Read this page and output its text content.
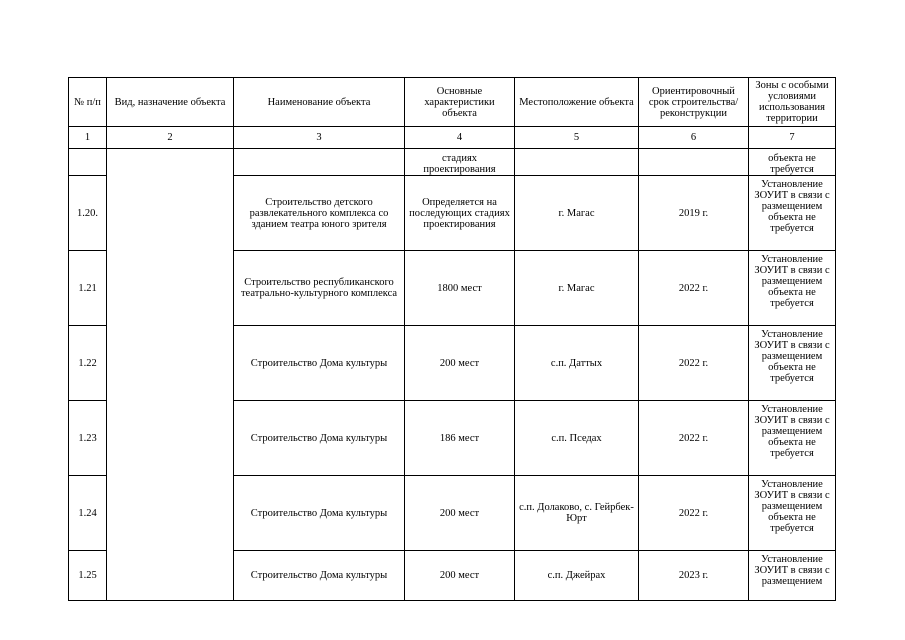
№ п/п	Вид, назначение объекта	Наименование объекта	Основные характеристики объекта	Местоположение объекта	Ориентировочный срок строительства/ реконструкции	Зоны с особыми условиями использования территории
1	2	3	4	5	6	7
			стадиях проектирования			объекта не требуется
1.20.		Строительство детского развлекательного комплекса со зданием театра юного зрителя	Определяется на последующих стадиях проектирования	г. Магас	2019 г.	Установление ЗОУИТ в связи с размещением объекта не требуется
1.21		Строительство республиканского театрально-культурного комплекса	1800 мест	г. Магас	2022 г.	Установление ЗОУИТ в связи с размещением объекта не требуется
1.22		Строительство Дома культуры	200 мест	с.п. Даттых	2022 г.	Установление ЗОУИТ в связи с размещением объекта не требуется
1.23		Строительство Дома культуры	186 мест	с.п. Пседах	2022 г.	Установление ЗОУИТ в связи с размещением объекта не требуется
1.24		Строительство Дома культуры	200 мест	с.п. Долаково, с. Гейрбек-Юрт	2022 г.	Установление ЗОУИТ в связи с размещением объекта не требуется
1.25		Строительство Дома культуры	200 мест	с.п. Джейрах	2023 г.	Установление ЗОУИТ в связи с размещением
